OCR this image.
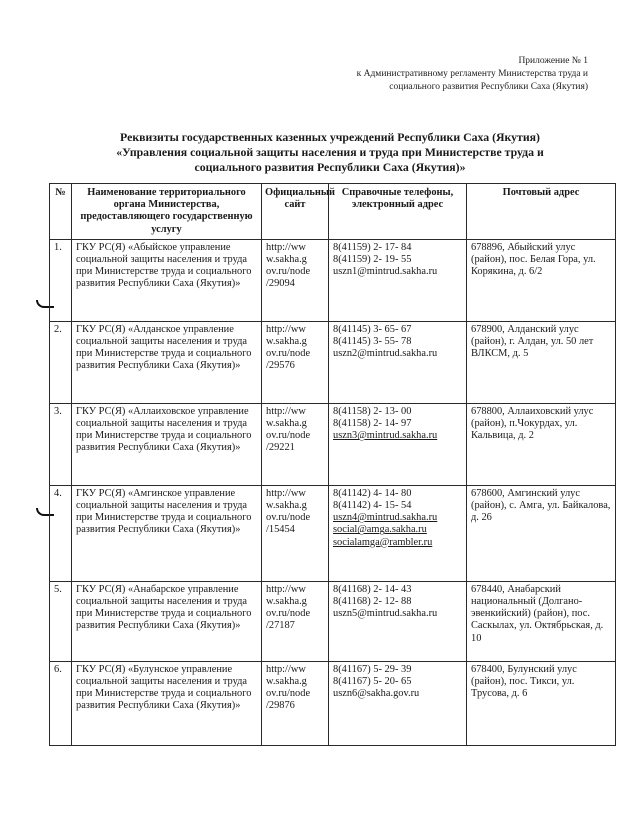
Приложение № 1
к Административному регламенту Министерства труда и
социального развития Республики Саха (Якутия)
Реквизиты государственных казенных учреждений Республики Саха (Якутия)
«Управления социальной защиты населения и труда при Министерстве труда и
социального развития Республики Саха (Якутия)»
№	Наименование территориального органа Министерства, предоставляющего государственную услугу	Официальный сайт	Справочные телефоны, электронный адрес	Почтовый адрес
1.	ГКУ РС(Я) «Абыйское управление социальной защиты населения и труда при Министерстве труда и социального развития Республики Саха (Якутия)»	http://ww
w.sakha.g
ov.ru/node
/29094	8(41159) 2- 17- 84
8(41159) 2- 19- 55
uszn1@mintrud.sakha.ru	678896, Абыйский улус (район), пос. Белая Гора, ул. Корякина, д. 6/2
2.	ГКУ РС(Я) «Алданское управление социальной защиты населения и труда при Министерстве труда и социального развития Республики Саха (Якутия)»	http://ww
w.sakha.g
ov.ru/node
/29576	8(41145) 3- 65- 67
8(41145) 3- 55- 78
uszn2@mintrud.sakha.ru	678900, Алданский улус (район), г. Алдан, ул. 50 лет ВЛКСМ, д. 5
3.	ГКУ РС(Я) «Аллаиховское управление социальной защиты населения и труда при Министерстве труда и социального развития Республики Саха (Якутия)»	http://ww
w.sakha.g
ov.ru/node
/29221	8(41158) 2- 13- 00
8(41158) 2- 14- 97
uszn3@mintrud.sakha.ru	678800, Аллаиховский улус (район), п.Чокурдах, ул. Кальвица, д. 2
4.	ГКУ РС(Я) «Амгинское управление социальной защиты населения и труда при Министерстве труда и социального развития Республики Саха (Якутия)»	http://ww
w.sakha.g
ov.ru/node
/15454	8(41142) 4- 14- 80
8(41142) 4- 15- 54
uszn4@mintrud.sakha.ru
social@amga.sakha.ru
socialamga@rambler.ru	678600, Амгинский улус (район), с. Амга, ул. Байкалова, д. 26
5.	ГКУ РС(Я) «Анабарское управление социальной защиты населения и труда при Министерстве труда и социального развития Республики Саха (Якутия)»	http://ww
w.sakha.g
ov.ru/node
/27187	8(41168) 2- 14- 43
8(41168) 2- 12- 88
uszn5@mintrud.sakha.ru	678440, Анабарский национальный (Долгано-эвенкийский) (район), пос. Саскылах, ул. Октябрьская, д. 10
6.	ГКУ РС(Я) «Булунское управление социальной защиты населения и труда при Министерстве труда и социального развития Республики Саха (Якутия)»	http://ww
w.sakha.g
ov.ru/node
/29876	8(41167) 5- 29- 39
8(41167) 5- 20- 65
uszn6@sakha.gov.ru	678400, Булунский улус (район), пос. Тикси, ул. Трусова, д. 6
